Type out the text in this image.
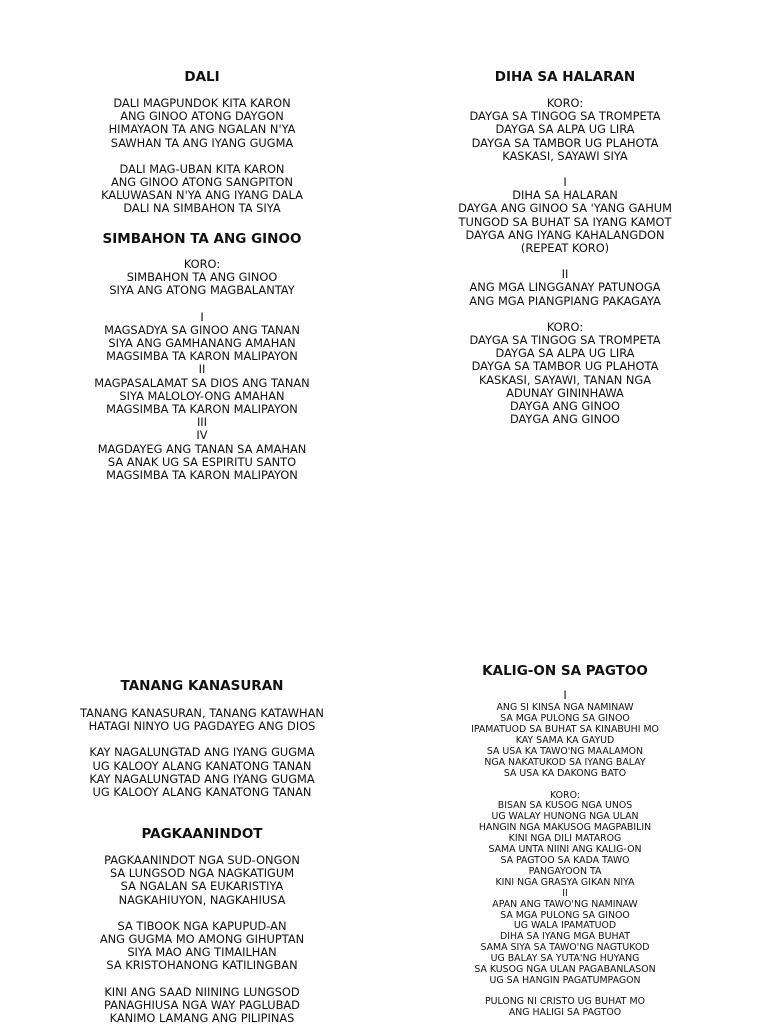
DALI

DALI MAGPUNDOK KITA KARON
ANG GINOO ATONG DAYGON
HIMAYAON TA ANG NGALAN N'YA
SAWHAN TA ANG IYANG GUGMA

DALI MAG-UBAN KITA KARON
ANG GINOO ATONG SANGPITON
KALUWASAN N'YA ANG IYANG DALA
DALI NA SIMBAHON TA SIYA

SIMBAHON TA ANG GINOO

KORO:
SIMBAHON TA ANG GINOO
SIYA ANG ATONG MAGBALANTAY

I
MAGSADYA SA GINOO ANG TANAN
SIYA ANG GAMHANANG AMAHAN
MAGSIMBA TA KARON MALIPAYON
II
MAGPASALAMAT SA DIOS ANG TANAN
SIYA MALOLOY-ONG AMAHAN
MAGSIMBA TA KARON MALIPAYON
III
IV
MAGDAYEG ANG TANAN SA AMAHAN
SA ANAK UG SA ESPIRITU SANTO
MAGSIMBA TA KARON MALIPAYON

DIHA SA HALARAN

KORO:
DAYGA SA TINGOG SA TROMPETA
DAYGA SA ALPA UG LIRA
DAYGA SA TAMBOR UG PLAHOTA
KASKASI, SAYAWI SIYA

I
DIHA SA HALARAN
DAYGA ANG GINOO SA 'YANG GAHUM
TUNGOD SA BUHAT SA IYANG KAMOT
DAYGA ANG IYANG KAHALANGDON
(REPEAT KORO)

II
ANG MGA LINGGANAY PATUNOGA
ANG MGA PIANGPIANG PAKAGAYA

KORO:
DAYGA SA TINGOG SA TROMPETA
DAYGA SA ALPA UG LIRA
DAYGA SA TAMBOR UG PLAHOTA
KASKASI, SAYAWI, TANAN NGA
ADUNAY GININHAWA
DAYGA ANG GINOO
DAYGA ANG GINOO

TANANG KANASURAN

TANANG KANASURAN, TANANG KATAWHAN
HATAGI NINYO UG PAGDAYEG ANG DIOS

KAY NAGALUNGTAD ANG IYANG GUGMA
UG KALOOY ALANG KANATONG TANAN
KAY NAGALUNGTAD ANG IYANG GUGMA
UG KALOOY ALANG KANATONG TANAN

PAGKAANINDOT

PAGKAANINDOT NGA SUD-ONGON
SA LUNGSOD NGA NAGKATIGUM
SA NGALAN SA EUKARISTIYA
NAGKAHIUYON, NAGKAHIUSA

SA TIBOOK NGA KAPUPUD-AN
ANG GUGMA MO AMONG GIHUPTAN
SIYA MAO ANG TIMAILHAN
SA KRISTOHANONG KATILINGBAN

KINI ANG SAAD NIINING LUNGSOD
PANAGHIUSA NGA WAY PAGLUBAD
KANIMO LAMANG ANG PILIPINAS

KALIG-ON SA PAGTOO
I

ANG SI KINSA NGA NAMINAW
SA MGA PULONG SA GINOO
IPAMATUOD SA BUHAT SA KINABUHI MO
KAY SAMA KA GAYUD
SA USA KA TAWO'NG MAALAMON
NGA NAKATUKOD SA IYANG BALAY
SA USA KA DAKONG BATO

KORO:
BISAN SA KUSOG NGA UNOS
UG WALAY HUNONG NGA ULAN
HANGIN NGA MAKUSOG MAGPABILIN
KINI NGA DILI MATAROG
SAMA UNTA NIINI ANG KALIG-ON
SA PAGTOO SA KADA TAWO
PANGAYOON TA
KINI NGA GRASYA GIKAN NIYA
II
APAN ANG TAWO'NG NAMINAW
SA MGA PULONG SA GINOO
UG WALA IPAMATUOD
DIHA SA IYANG MGA BUHAT
SAMA SIYA SA TAWO'NG NAGTUKOD
UG BALAY SA YUTA'NG HUYANG
SA KUSOG NGA ULAN PAGABANLASON
UG SA HANGIN PAGATUMPAGON

PULONG NI CRISTO UG BUHAT MO
ANG HALIGI SA PAGTOO
